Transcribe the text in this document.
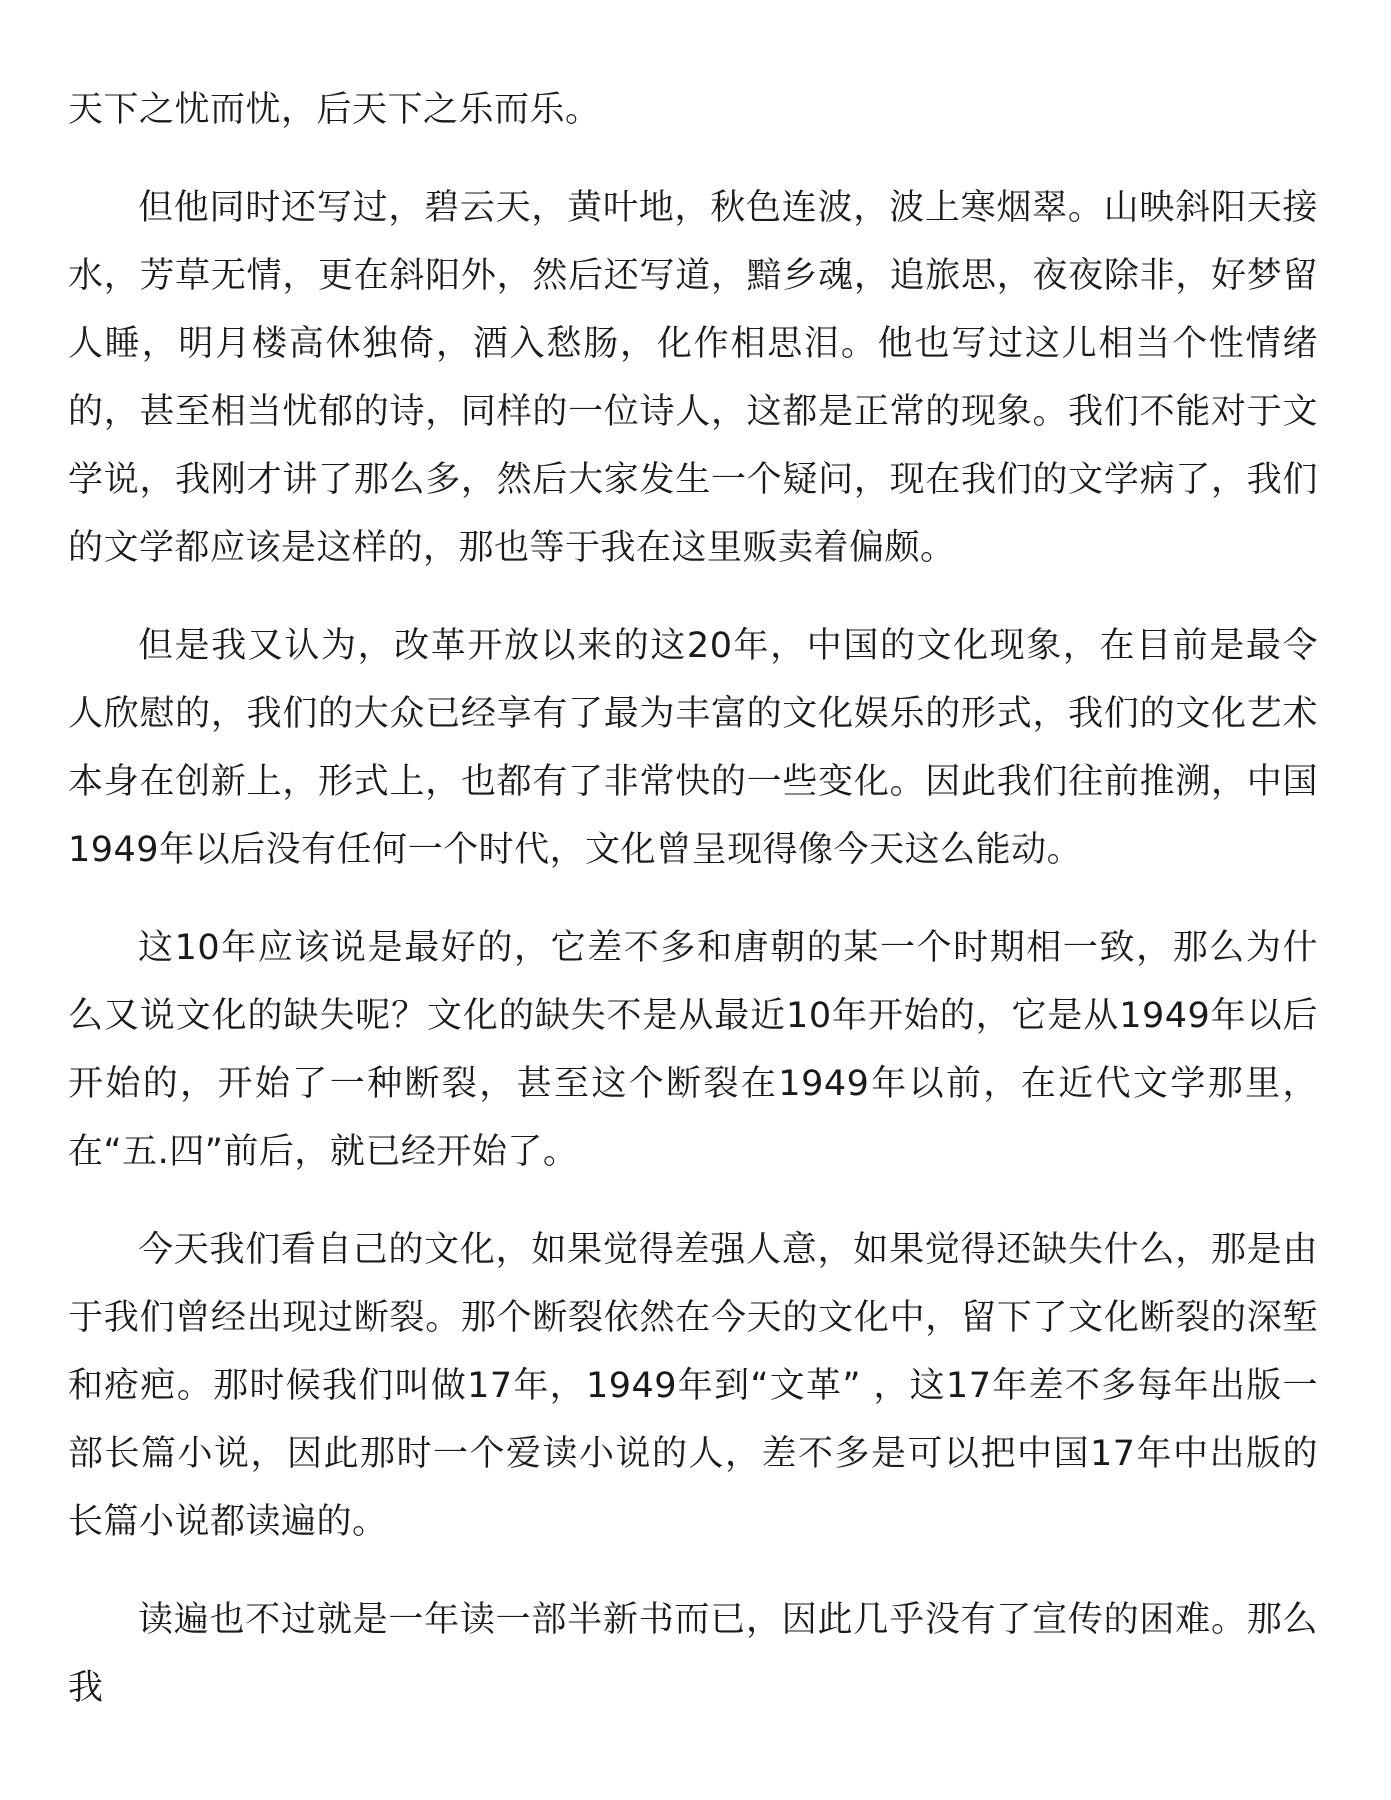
天下之忧而忧，后天下之乐而乐。

但他同时还写过，碧云天，黄叶地，秋色连波，波上寒烟翠。山映斜阳天接水，芳草无情，更在斜阳外，然后还写道，黯乡魂，追旅思，夜夜除非，好梦留人睡，明月楼高休独倚，酒入愁肠，化作相思泪。他也写过这儿相当个性情绪的，甚至相当忧郁的诗，同样的一位诗人，这都是正常的现象。我们不能对于文学说，我刚才讲了那么多，然后大家发生一个疑问，现在我们的文学病了，我们的文学都应该是这样的，那也等于我在这里贩卖着偏颇。

但是我又认为，改革开放以来的这20年，中国的文化现象，在目前是最令人欣慰的，我们的大众已经享有了最为丰富的文化娱乐的形式，我们的文化艺术本身在创新上，形式上，也都有了非常快的一些变化。因此我们往前推溯，中国1949年以后没有任何一个时代，文化曾呈现得像今天这么能动。

这10年应该说是最好的，它差不多和唐朝的某一个时期相一致，那么为什么又说文化的缺失呢？文化的缺失不是从最近10年开始的，它是从1949年以后开始的，开始了一种断裂，甚至这个断裂在1949年以前，在近代文学那里，在“五.四”前后，就已经开始了。

今天我们看自己的文化，如果觉得差强人意，如果觉得还缺失什么，那是由于我们曾经出现过断裂。那个断裂依然在今天的文化中，留下了文化断裂的深堑和疮疤。那时候我们叫做17年，1949年到“文革” ，这17年差不多每年出版一部长篇小说，因此那时一个爱读小说的人，差不多是可以把中国17年中出版的长篇小说都读遍的。

读遍也不过就是一年读一部半新书而已，因此几乎没有了宣传的困难。那么我
